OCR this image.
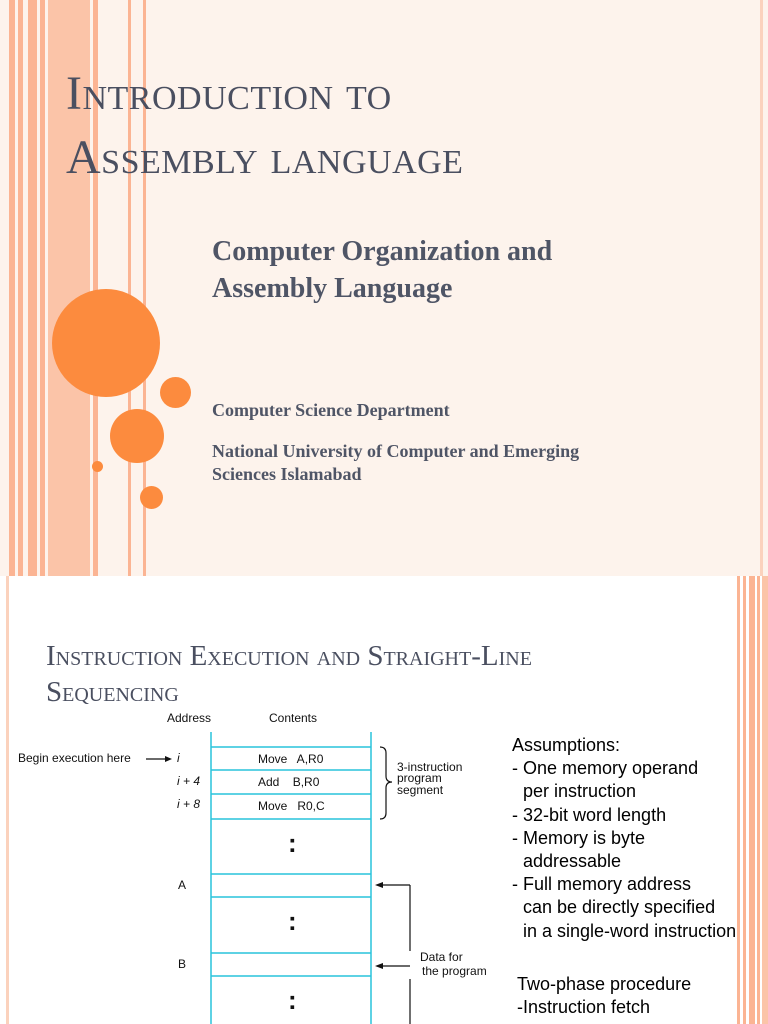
Introduction to
Assembly language

Computer Organization and
Assembly Language

Computer Science Department

National University of Computer and Emerging
Sciences Islamabad

Instruction Execution and Straight-Line
Sequencing
Address	Contents
i
i + 4
i + 8
Move   A,R0
Add    B,R0
Move   R0,C
Begin execution here
3-instruction
program
segment
:
:
:
A
B	Data for
the program
Assumptions:
- One memory operand
per instruction
- 32-bit word length
- Memory is byte
addressable
- Full memory address
can be directly specified
in a single-word instruction
Two-phase procedure
-Instruction fetch
